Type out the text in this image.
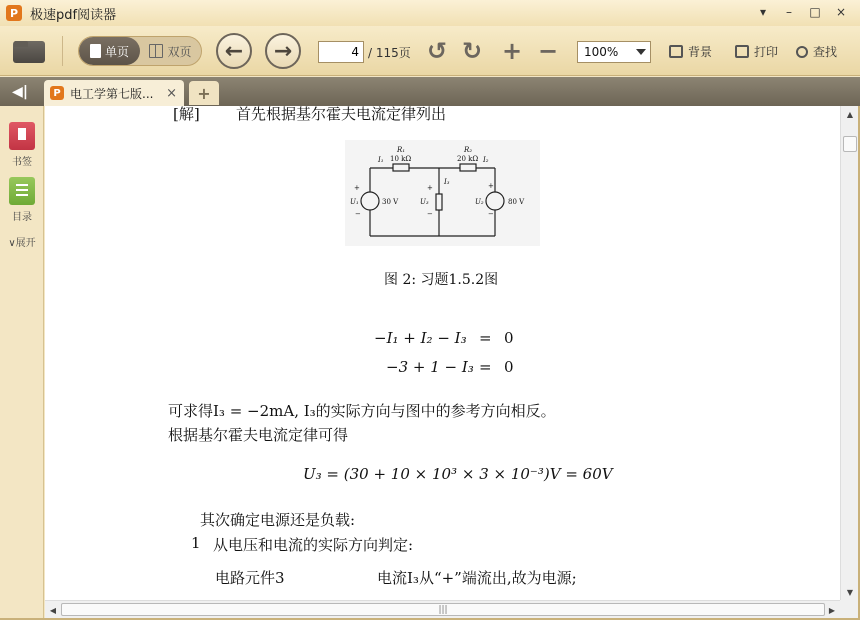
P 极速pdf阅读器	▾	–	□	×
单页	双页	←	→	4 / 115页 ↺ ↻ + − 100%	背景	打印	查找
◀|	P 电工学第七版... ×	+
书签
目录
∨展开
[解] 首先根据基尔霍夫电流定律列出
R₁
10 kΩ
R₂
20 kΩ
I₁	I₂
I₃
U₁	30 V	U₂	80 V
U₃
+
−
+
−
+
−
图 2: 习题1.5.2图
−I₁ + I₂ − I₃ = 0
−3 + 1 − I₃ = 0
可求得I₃ = −2mA, I₃的实际方向与图中的参考方向相反。
根据基尔霍夫电流定律可得
U₃ = (30 + 10 × 10³ × 3 × 10⁻³)V = 60V
其次确定电源还是负载:
1 从电压和电流的实际方向判定:
电路元件3	电流I₃从“+”端流出,故为电源;
▲
▼
◀	|||	▶
